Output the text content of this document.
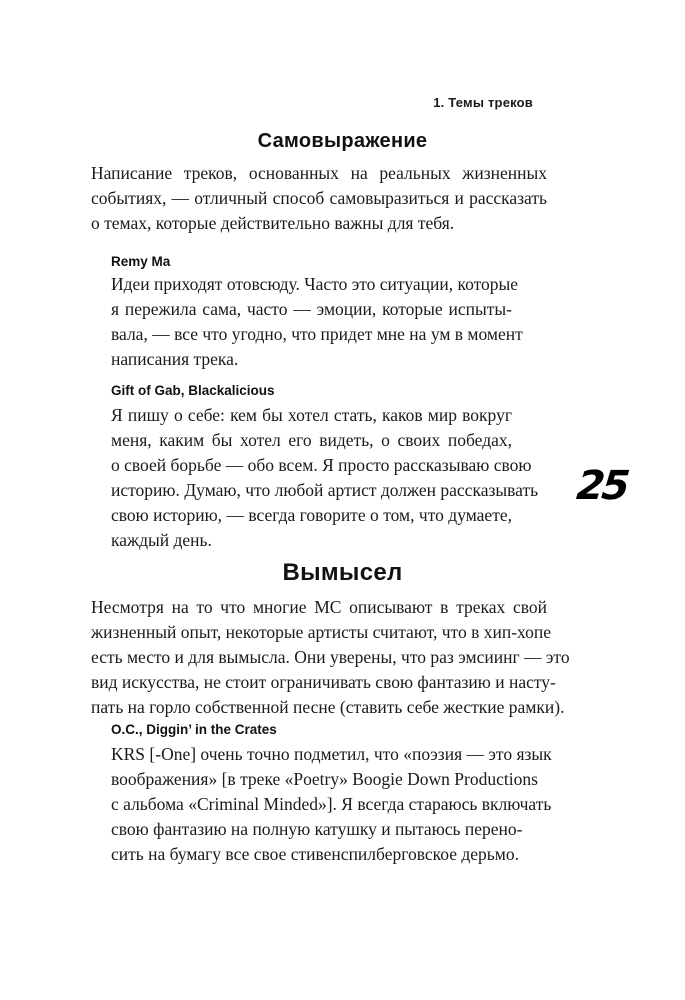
1. Темы треков
Самовыражение

Написание треков, основанных на реальных жизненных
событиях, — отличный способ самовыразиться и рассказать
о темах, которые действительно важны для тебя.

Remy Ma

Идеи приходят отовсюду. Часто это ситуации, которые
я пережила сама, часто — эмоции, которые испыты-
вала, — все что угодно, что придет мне на ум в момент
написания трека.

Gift of Gab, Blackalicious

Я пишу о себе: кем бы хотел стать, каков мир вокруг
меня, каким бы хотел его видеть, о своих победах,
о своей борьбе — обо всем. Я просто рассказываю свою
историю. Думаю, что любой артист должен рассказывать
свою историю, — всегда говорите о том, что думаете,
каждый день.

25
Вымысел

Несмотря на то что многие МС описывают в треках свой
жизненный опыт, некоторые артисты считают, что в хип-хопе
есть место и для вымысла. Они уверены, что раз эмсиинг — это
вид искусства, не стоит ограничивать свою фантазию и насту-
пать на горло собственной песне (ставить себе жесткие рамки).

O.C., Diggin’ in the Crates

KRS [-One] очень точно подметил, что «поэзия — это язык
воображения» [в треке «Poetry» Boogie Down Productions
с альбома «Criminal Minded»]. Я всегда стараюсь включать
свою фантазию на полную катушку и пытаюсь перено-
сить на бумагу все свое стивенспилберговское дерьмо.
